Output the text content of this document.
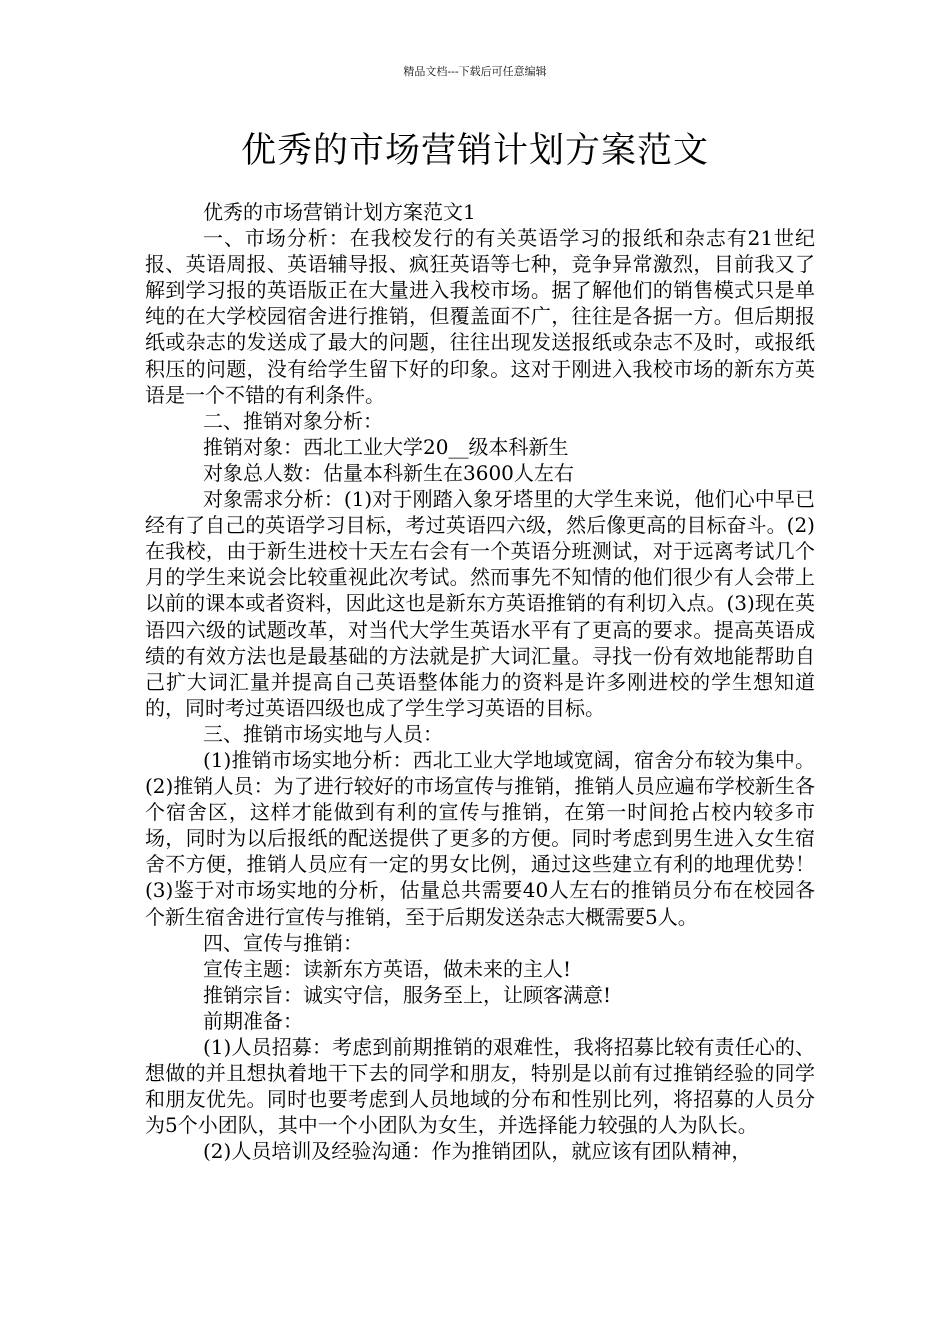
精品文档---下载后可任意编辑
优秀的市场营销计划方案范文

优秀的市场营销计划方案范文1

一、市场分析：在我校发行的有关英语学习的报纸和杂志有21世纪报、英语周报、英语辅导报、疯狂英语等七种，竞争异常激烈，目前我又了解到学习报的英语版正在大量进入我校市场。据了解他们的销售模式只是单纯的在大学校园宿舍进行推销，但覆盖面不广，往往是各据一方。但后期报纸或杂志的发送成了最大的问题，往往出现发送报纸或杂志不及时，或报纸积压的问题，没有给学生留下好的印象。这对于刚进入我校市场的新东方英语是一个不错的有利条件。

二、推销对象分析：

推销对象：西北工业大学20__级本科新生

对象总人数：估量本科新生在3600人左右

对象需求分析：(1)对于刚踏入象牙塔里的大学生来说，他们心中早已经有了自己的英语学习目标，考过英语四六级，然后像更高的目标奋斗。(2)在我校，由于新生进校十天左右会有一个英语分班测试，对于远离考试几个月的学生来说会比较重视此次考试。然而事先不知情的他们很少有人会带上以前的课本或者资料，因此这也是新东方英语推销的有利切入点。(3)现在英语四六级的试题改革，对当代大学生英语水平有了更高的要求。提高英语成绩的有效方法也是最基础的方法就是扩大词汇量。寻找一份有效地能帮助自己扩大词汇量并提高自己英语整体能力的资料是许多刚进校的学生想知道的，同时考过英语四级也成了学生学习英语的目标。

三、推销市场实地与人员：

(1)推销市场实地分析：西北工业大学地域宽阔，宿舍分布较为集中。(2)推销人员：为了进行较好的市场宣传与推销，推销人员应遍布学校新生各个宿舍区，这样才能做到有利的宣传与推销，在第一时间抢占校内较多市场，同时为以后报纸的配送提供了更多的方便。同时考虑到男生进入女生宿舍不方便，推销人员应有一定的男女比例，通过这些建立有利的地理优势！(3)鉴于对市场实地的分析，估量总共需要40人左右的推销员分布在校园各个新生宿舍进行宣传与推销，至于后期发送杂志大概需要5人。

四、宣传与推销：

宣传主题：读新东方英语，做未来的主人!

推销宗旨：诚实守信，服务至上，让顾客满意!

前期准备：

(1)人员招募：考虑到前期推销的艰难性，我将招募比较有责任心的、想做的并且想执着地干下去的同学和朋友，特别是以前有过推销经验的同学和朋友优先。同时也要考虑到人员地域的分布和性别比列，将招募的人员分为5个小团队，其中一个小团队为女生，并选择能力较强的人为队长。

(2)人员培训及经验沟通：作为推销团队，就应该有团队精神，
